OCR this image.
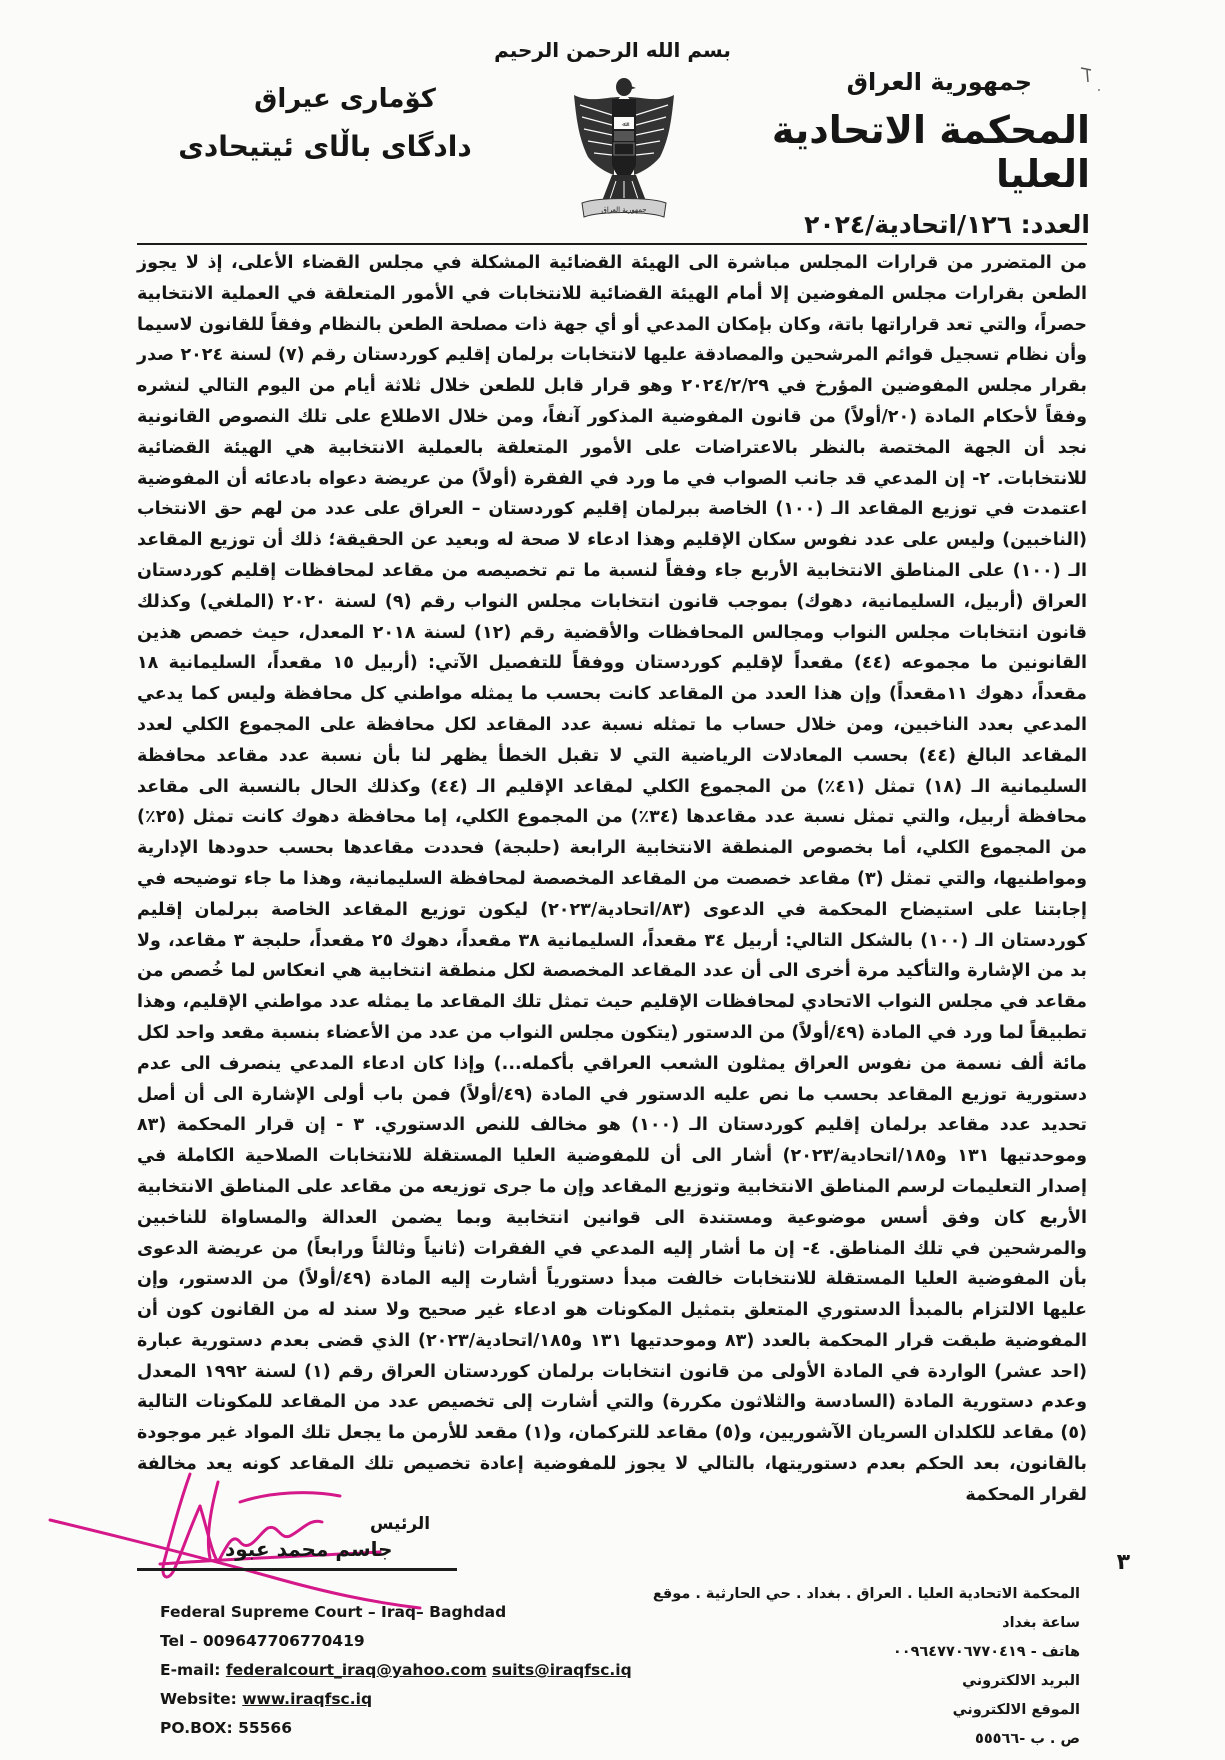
بسم الله الرحمن الرحيم
جمهورية العراق
المحكمة الاتحادية العليا
العدد: ١٢٦/اتحادية/٢٠٢٤
كۆمارى عيراق
دادگاى باڵاى ئيتيحادى
ﷲ
جمهورية العراق
من المتضرر من قرارات المجلس مباشرة الى الهيئة القضائية المشكلة في مجلس القضاء الأعلى، إذ لا يجوز الطعن بقرارات مجلس المفوضين إلا أمام الهيئة القضائية للانتخابات في الأمور المتعلقة في العملية الانتخابية حصراً، والتي تعد قراراتها باتة، وكان بإمكان المدعي أو أي جهة ذات مصلحة الطعن بالنظام وفقاً للقانون لاسيما وأن نظام تسجيل قوائم المرشحين والمصادقة عليها لانتخابات برلمان إقليم كوردستان رقم (٧) لسنة ٢٠٢٤ صدر بقرار مجلس المفوضين المؤرخ في ٢٠٢٤/٢/٢٩ وهو قرار قابل للطعن خلال ثلاثة أيام من اليوم التالي لنشره وفقاً لأحكام المادة (٢٠/أولاً) من قانون المفوضية المذكور آنفاً، ومن خلال الاطلاع على تلك النصوص القانونية نجد أن الجهة المختصة بالنظر بالاعتراضات على الأمور المتعلقة بالعملية الانتخابية هي الهيئة القضائية للانتخابات. ٢- إن المدعي قد جانب الصواب في ما ورد في الفقرة (أولاً) من عريضة دعواه بادعائه أن المفوضية اعتمدت في توزيع المقاعد الـ (١٠٠) الخاصة ببرلمان إقليم كوردستان – العراق على عدد من لهم حق الانتخاب (الناخبين) وليس على عدد نفوس سكان الإقليم وهذا ادعاء لا صحة له وبعيد عن الحقيقة؛ ذلك أن توزيع المقاعد الـ (١٠٠) على المناطق الانتخابية الأربع جاء وفقاً لنسبة ما تم تخصيصه من مقاعد لمحافظات إقليم كوردستان العراق (أربيل، السليمانية، دهوك) بموجب قانون انتخابات مجلس النواب رقم (٩) لسنة ٢٠٢٠ (الملغي) وكذلك قانون انتخابات مجلس النواب ومجالس المحافظات والأقضية رقم (١٢) لسنة ٢٠١٨ المعدل، حيث خصص هذين القانونين ما مجموعه (٤٤) مقعداً لإقليم كوردستان ووفقاً للتفصيل الآتي: (أربيل ١٥ مقعداً، السليمانية ١٨ مقعداً، دهوك ١١مقعداً) وإن هذا العدد من المقاعد كانت بحسب ما يمثله مواطني كل محافظة وليس كما يدعي المدعي بعدد الناخبين، ومن خلال حساب ما تمثله نسبة عدد المقاعد لكل محافظة على المجموع الكلي لعدد المقاعد البالغ (٤٤) بحسب المعادلات الرياضية التي لا تقبل الخطأ يظهر لنا بأن نسبة عدد مقاعد محافظة السليمانية الـ (١٨) تمثل (٤١٪) من المجموع الكلي لمقاعد الإقليم الـ (٤٤) وكذلك الحال بالنسبة الى مقاعد محافظة أربيل، والتي تمثل نسبة عدد مقاعدها (٣٤٪) من المجموع الكلي، إما محافظة دهوك كانت تمثل (٢٥٪) من المجموع الكلي، أما بخصوص المنطقة الانتخابية الرابعة (حلبجة) فحددت مقاعدها بحسب حدودها الإدارية ومواطنيها، والتي تمثل (٣) مقاعد خصصت من المقاعد المخصصة لمحافظة السليمانية، وهذا ما جاء توضيحه في إجابتنا على استيضاح المحكمة في الدعوى (٨٣/اتحادية/٢٠٢٣) ليكون توزيع المقاعد الخاصة ببرلمان إقليم كوردستان الـ (١٠٠) بالشكل التالي: أربيل ٣٤ مقعداً، السليمانية ٣٨ مقعداً، دهوك ٢٥ مقعداً، حلبجة ٣ مقاعد، ولا بد من الإشارة والتأكيد مرة أخرى الى أن عدد المقاعد المخصصة لكل منطقة انتخابية هي انعكاس لما خُصص من مقاعد في مجلس النواب الاتحادي لمحافظات الإقليم حيث تمثل تلك المقاعد ما يمثله عدد مواطني الإقليم، وهذا تطبيقاً لما ورد في المادة (٤٩/أولاً) من الدستور (يتكون مجلس النواب من عدد من الأعضاء بنسبة مقعد واحد لكل مائة ألف نسمة من نفوس العراق يمثلون الشعب العراقي بأكمله...) وإذا كان ادعاء المدعي ينصرف الى عدم دستورية توزيع المقاعد بحسب ما نص عليه الدستور في المادة (٤٩/أولاً) فمن باب أولى الإشارة الى أن أصل تحديد عدد مقاعد برلمان إقليم كوردستان الـ (١٠٠) هو مخالف للنص الدستوري. ٣ - إن قرار المحكمة (٨٣ وموحدتيها ١٣١ و١٨٥/اتحادية/٢٠٢٣) أشار الى أن للمفوضية العليا المستقلة للانتخابات الصلاحية الكاملة في إصدار التعليمات لرسم المناطق الانتخابية وتوزيع المقاعد وإن ما جرى توزيعه من مقاعد على المناطق الانتخابية الأربع كان وفق أسس موضوعية ومستندة الى قوانين انتخابية وبما يضمن العدالة والمساواة للناخبين والمرشحين في تلك المناطق. ٤- إن ما أشار إليه المدعي في الفقرات (ثانياً وثالثاً ورابعاً) من عريضة الدعوى بأن المفوضية العليا المستقلة للانتخابات خالفت مبدأ دستورياً أشارت إليه المادة (٤٩/أولاً) من الدستور، وإن عليها الالتزام بالمبدأ الدستوري المتعلق بتمثيل المكونات هو ادعاء غير صحيح ولا سند له من القانون كون أن المفوضية طبقت قرار المحكمة بالعدد (٨٣ وموحدتيها ١٣١ و١٨٥/اتحادية/٢٠٢٣) الذي قضى بعدم دستورية عبارة (احد عشر) الواردة في المادة الأولى من قانون انتخابات برلمان كوردستان العراق رقم (١) لسنة ١٩٩٢ المعدل وعدم دستورية المادة (السادسة والثلاثون مكررة) والتي أشارت إلى تخصيص عدد من المقاعد للمكونات التالية (٥) مقاعد للكلدان السريان الآشوريين، و(٥) مقاعد للتركمان، و(١) مقعد للأرمن ما يجعل تلك المواد غير موجودة بالقانون، بعد الحكم بعدم دستوريتها، بالتالي لا يجوز للمفوضية إعادة تخصيص تلك المقاعد كونه يعد مخالفة لقرار المحكمة
الرئيس
جاسم محمد عبود
٣
Federal Supreme Court – Iraq– Baghdad
Tel – 009647706770419
E-mail: federalcourt_iraq@yahoo.com suits@iraqfsc.iq
Website: www.iraqfsc.iq
PO.BOX: 55566
المحكمة الاتحادية العليا . العراق . بغداد . حي الحارثية . موقع ساعة بغداد
هاتف - ٠٠٩٦٤٧٧٠٦٧٧٠٤١٩
البريد الالكتروني
الموقع الالكتروني
ص . ب -٥٥٥٦٦
